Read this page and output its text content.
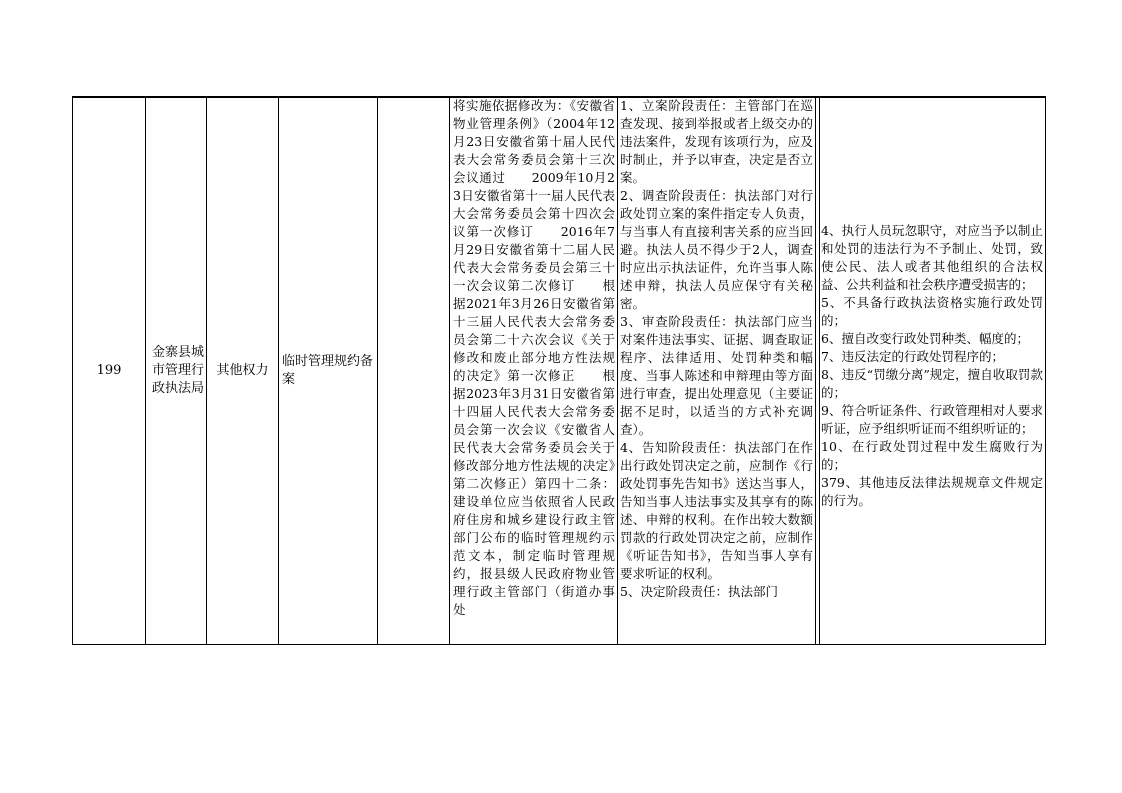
199
金寨县城市管理行政执法局
其他权力
临时管理规约备案
将实施依据修改为：《安徽省物业管理条例》（2004年12月23日安徽省第十届人民代表大会常务委员会第十三次会议通过　　2009年10月23日安徽省第十一届人民代表大会常务委员会第十四次会议第一次修订　　2016年7月29日安徽省第十二届人民代表大会常务委员会第三十一次会议第二次修订　　根据2021年3月26日安徽省第十三届人民代表大会常务委员会第二十六次会议《关于修改和废止部分地方性法规的决定》第一次修正　　根据2023年3月31日安徽省第十四届人民代表大会常务委员会第一次会议《安徽省人民代表大会常务委员会关于修改部分地方性法规的决定》第二次修正）第四十二条：建设单位应当依照省人民政府住房和城乡建设行政主管部门公布的临时管理规约示范文本，制定临时管理规约，报县级人民政府物业管理行政主管部门（街道办事处
1、立案阶段责任：主管部门在巡查发现、接到举报或者上级交办的违法案件，发现有该项行为，应及时制止，并予以审查，决定是否立案。
2、调查阶段责任：执法部门对行政处罚立案的案件指定专人负责，与当事人有直接利害关系的应当回避。执法人员不得少于2人，调查时应出示执法证件，允许当事人陈述申辩，执法人员应保守有关秘密。
3、审查阶段责任：执法部门应当对案件违法事实、证据、调查取证程序、法律适用、处罚种类和幅度、当事人陈述和申辩理由等方面进行审查，提出处理意见（主要证据不足时，以适当的方式补充调查）。
4、告知阶段责任：执法部门在作出行政处罚决定之前，应制作《行政处罚事先告知书》送达当事人，告知当事人违法事实及其享有的陈述、申辩的权利。在作出较大数额罚款的行政处罚决定之前，应制作《听证告知书》，告知当事人享有要求听证的权利。
5、决定阶段责任：执法部门
4、执行人员玩忽职守，对应当予以制止和处罚的违法行为不予制止、处罚，致使公民、法人或者其他组织的合法权益、公共利益和社会秩序遭受损害的；
5、不具备行政执法资格实施行政处罚的；
6、擅自改变行政处罚种类、幅度的；
7、违反法定的行政处罚程序的；
8、违反“罚缴分离”规定，擅自收取罚款的；
9、符合听证条件、行政管理相对人要求听证，应予组织听证而不组织听证的；
10、在行政处罚过程中发生腐败行为的；
379、其他违反法律法规规章文件规定的行为。
